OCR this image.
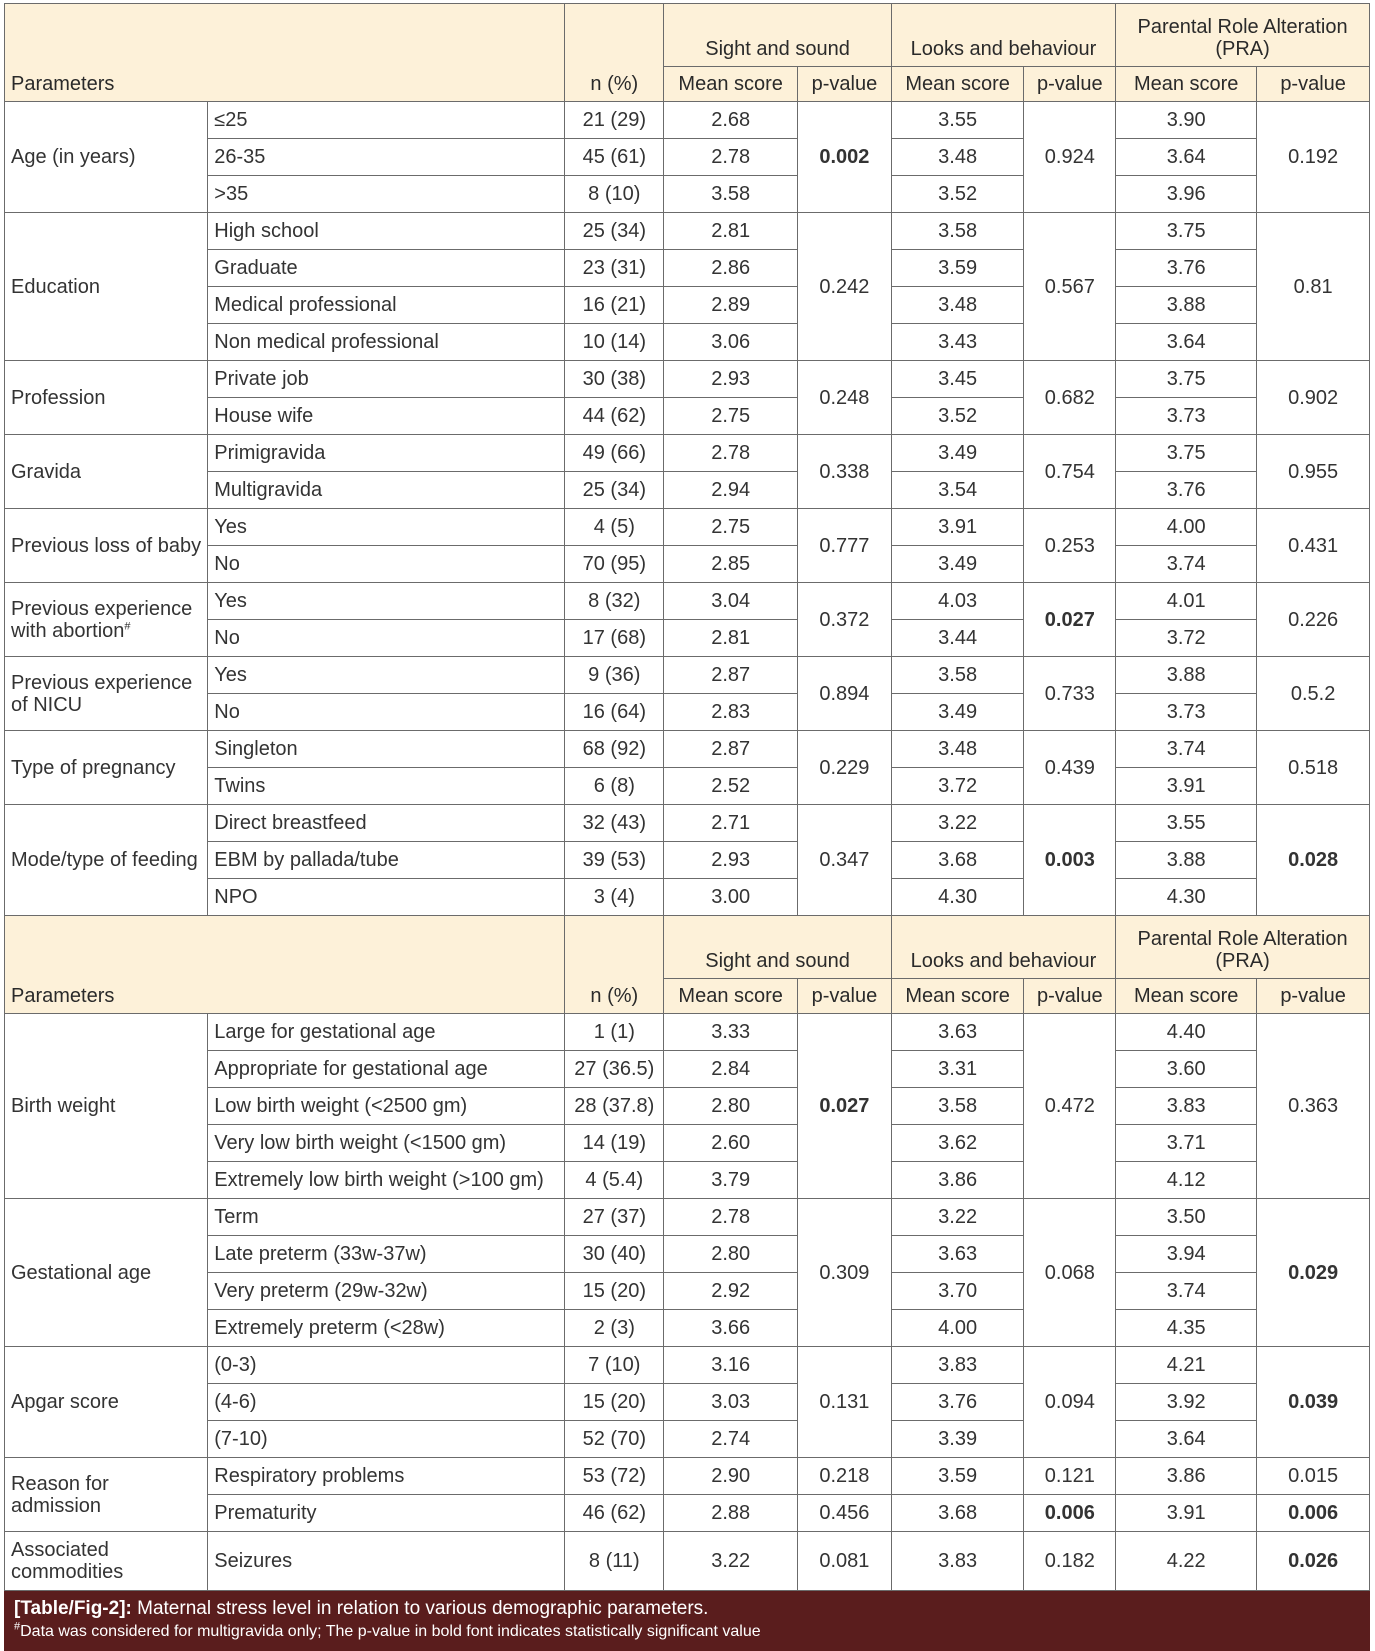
Parameters		n (%)	Sight and sound		Looks and behaviour		Parental Role Alteration (PRA)	
			Mean score	p-value	Mean score	p-value	Mean score	p-value
Age (in years)	≤25	21 (29)	2.68	0.002	3.55	0.924	3.90	0.192
	26-35	45 (61)	2.78		3.48		3.64	
	>35	8 (10)	3.58		3.52		3.96	
Education	High school	25 (34)	2.81	0.242	3.58	0.567	3.75	0.81
	Graduate	23 (31)	2.86		3.59		3.76	
	Medical professional	16 (21)	2.89		3.48		3.88	
	Non medical professional	10 (14)	3.06		3.43		3.64	
Profession	Private job	30 (38)	2.93	0.248	3.45	0.682	3.75	0.902
	House wife	44 (62)	2.75		3.52		3.73	
Gravida	Primigravida	49 (66)	2.78	0.338	3.49	0.754	3.75	0.955
	Multigravida	25 (34)	2.94		3.54		3.76	
Previous loss of baby	Yes	4 (5)	2.75	0.777	3.91	0.253	4.00	0.431
	No	70 (95)	2.85		3.49		3.74	
Previous experience with abortion#	Yes	8 (32)	3.04	0.372	4.03	0.027	4.01	0.226
	No	17 (68)	2.81		3.44		3.72	
Previous experience of NICU	Yes	9 (36)	2.87	0.894	3.58	0.733	3.88	0.5.2
	No	16 (64)	2.83		3.49		3.73	
Type of pregnancy	Singleton	68 (92)	2.87	0.229	3.48	0.439	3.74	0.518
	Twins	6 (8)	2.52		3.72		3.91	
Mode/type of feeding	Direct breastfeed	32 (43)	2.71	0.347	3.22	0.003	3.55	0.028
	EBM by pallada/tube	39 (53)	2.93		3.68		3.88	
	NPO	3 (4)	3.00		4.30		4.30	
Parameters		n (%)	Sight and sound		Looks and behaviour		Parental Role Alteration (PRA)	
			Mean score	p-value	Mean score	p-value	Mean score	p-value
Birth weight	Large for gestational age	1 (1)	3.33	0.027	3.63	0.472	4.40	0.363
	Appropriate for gestational age	27 (36.5)	2.84		3.31		3.60	
	Low birth weight (<2500 gm)	28 (37.8)	2.80		3.58		3.83	
	Very low birth weight (<1500 gm)	14 (19)	2.60		3.62		3.71	
	Extremely low birth weight (>100 gm)	4 (5.4)	3.79		3.86		4.12	
Gestational age	Term	27 (37)	2.78	0.309	3.22	0.068	3.50	0.029
	Late preterm (33w-37w)	30 (40)	2.80		3.63		3.94	
	Very preterm (29w-32w)	15 (20)	2.92		3.70		3.74	
	Extremely preterm (<28w)	2 (3)	3.66		4.00		4.35	
Apgar score	(0-3)	7 (10)	3.16	0.131	3.83	0.094	4.21	0.039
	(4-6)	15 (20)	3.03		3.76		3.92	
	(7-10)	52 (70)	2.74		3.39		3.64	
Reason for admission	Respiratory problems	53 (72)	2.90	0.218	3.59	0.121	3.86	0.015
	Prematurity	46 (62)	2.88	0.456	3.68	0.006	3.91	0.006
Associated commodities	Seizures	8 (11)	3.22	0.081	3.83	0.182	4.22	0.026
[Table/Fig-2]: Maternal stress level in relation to various demographic parameters.
#Data was considered for multigravida only; The p-value in bold font indicates statistically significant value
